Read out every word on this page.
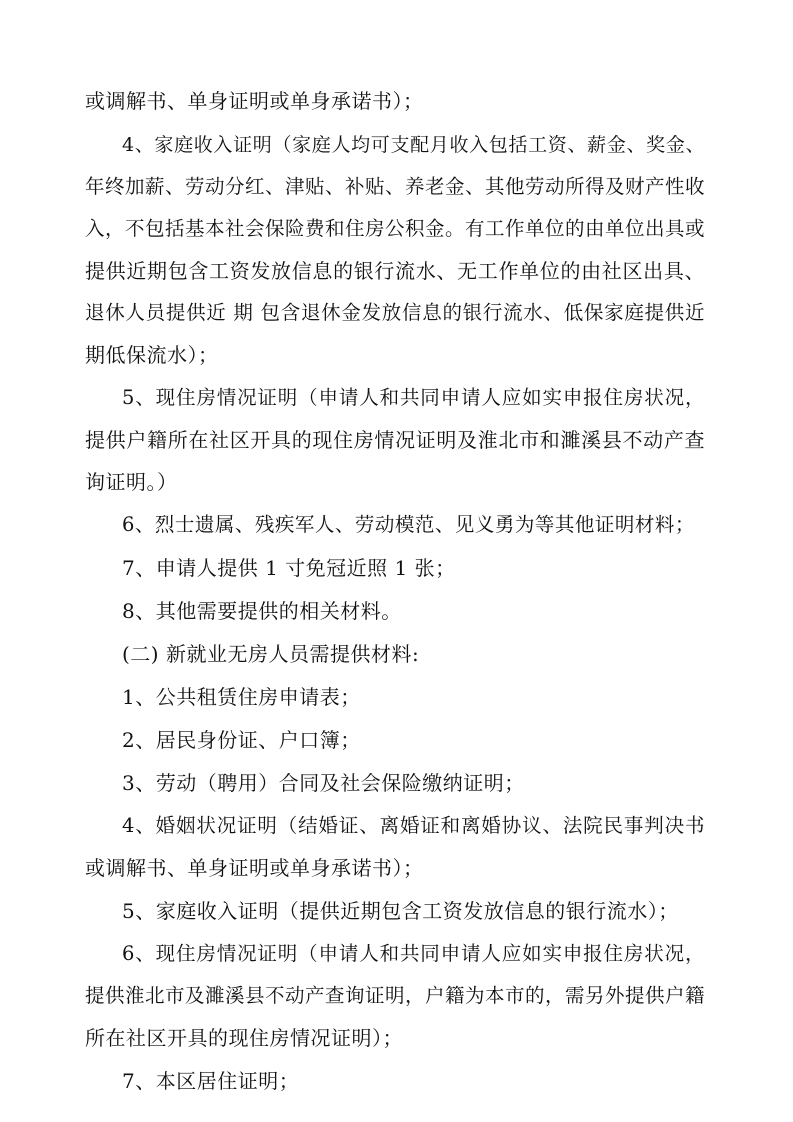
或调解书、单身证明或单身承诺书）；
4、家庭收入证明（家庭人均可支配月收入包括工资、薪金、奖金、
年终加薪、劳动分红、津贴、补贴、养老金、其他劳动所得及财产性收
入，不包括基本社会保险费和住房公积金。有工作单位的由单位出具或
提供近期包含工资发放信息的银行流水、无工作单位的由社区出具、
退休人员提供近 期 包含退休金发放信息的银行流水、低保家庭提供近
期低保流水）；
5、现住房情况证明（申请人和共同申请人应如实申报住房状况，
提供户籍所在社区开具的现住房情况证明及淮北市和濉溪县不动产查
询证明。）
6、烈士遗属、残疾军人、劳动模范、见义勇为等其他证明材料；
7、申请人提供 1 寸免冠近照 1 张；
8、其他需要提供的相关材料。
(二) 新就业无房人员需提供材料:
1、公共租赁住房申请表；
2、居民身份证、户口簿；
3、劳动（聘用）合同及社会保险缴纳证明；
4、婚姻状况证明（结婚证、离婚证和离婚协议、法院民事判决书
或调解书、单身证明或单身承诺书）；
5、家庭收入证明（提供近期包含工资发放信息的银行流水）；
6、现住房情况证明（申请人和共同申请人应如实申报住房状况，
提供淮北市及濉溪县不动产查询证明，户籍为本市的，需另外提供户籍
所在社区开具的现住房情况证明）；
7、本区居住证明；
